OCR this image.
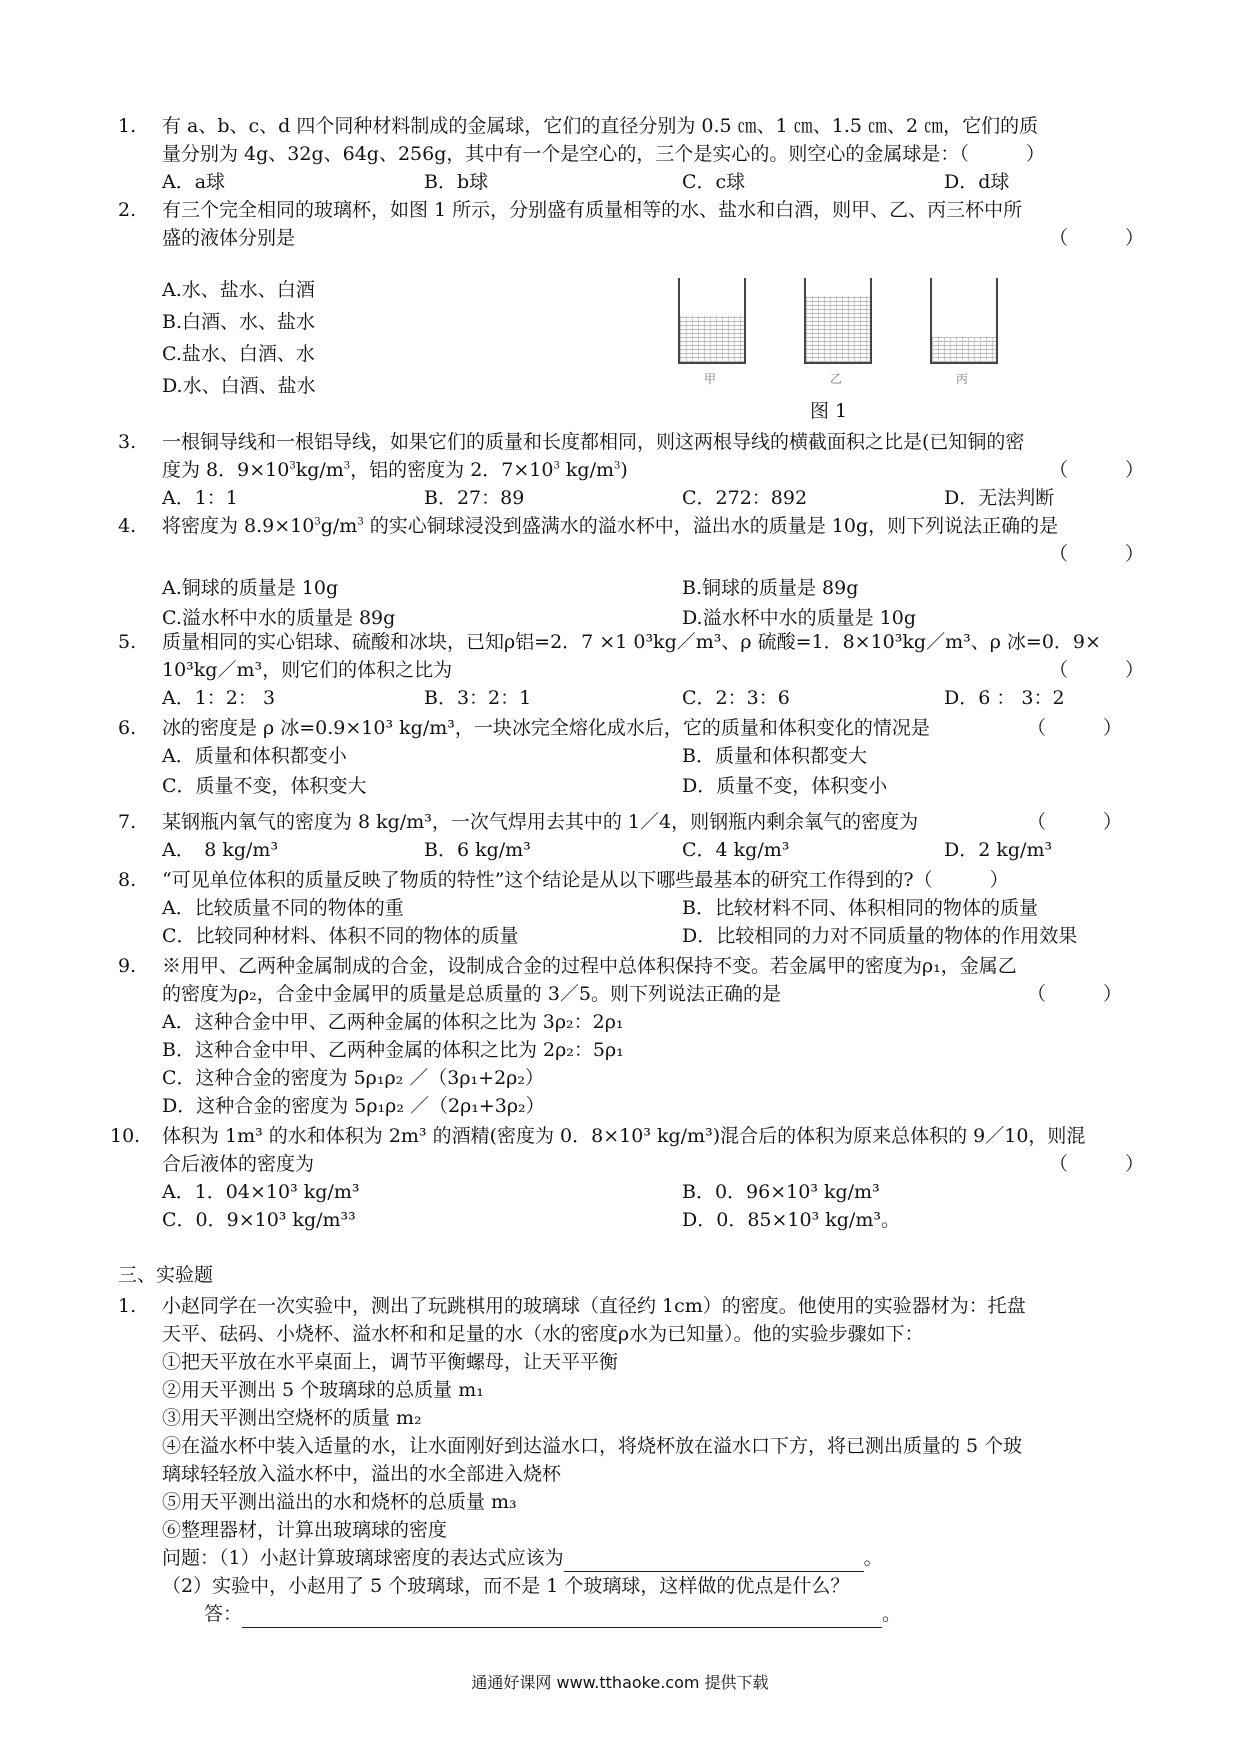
1.	有 a、b、c、d 四个同种材料制成的金属球，它们的直径分别为 0.5 ㎝、1 ㎝、1.5 ㎝、2 ㎝，它们的质
量分别为 4g、32g、64g、256g，其中有一个是空心的，三个是实心的。则空心的金属球是：（　　　）
A．a球	B．b球	C．c球	D．d球
2.	有三个完全相同的玻璃杯，如图 1 所示，分别盛有质量相等的水、盐水和白酒，则甲、乙、丙三杯中所
盛的液体分别是	（　　　）
A.水、盐水、白酒
B.白酒、水、盐水
C.盐水、白酒、水
D.水、白酒、盐水	甲	乙	丙
图 1
3.	一根铜导线和一根铝导线，如果它们的质量和长度都相同，则这两根导线的横截面积之比是(已知铜的密
度为 8．$9\times 10^3kg/m^3$，铝的密度为 2．$7\times 10^3$ $kg/m^3$)	（　　　）
A．1：1	B．27：89	C．272：892	D．无法判断
4.	将密度为 $8.9\times 10^3g/m^3$ 的实心铜球浸没到盛满水的溢水杯中，溢出水的质量是 10g，则下列说法正确的是
（　　　）
A.铜球的质量是 10g	B.铜球的质量是 89g
C.溢水杯中水的质量是 89g	D.溢水杯中水的质量是 10g
5.	质量相同的实心铝球、硫酸和冰块，已知ρ铝=2．7 ×1 0³kg／m³、ρ 硫酸=1．8×10³kg／m³、ρ 冰=0．9×
10³kg／m³，则它们的体积之比为	（　　　）
A．1：2： 3	B．3：2：1	C．2：3：6	D．6 ： 3：2
6.	冰的密度是 ρ 冰=0.9×10³ kg/m³，一块冰完全熔化成水后，它的质量和体积变化的情况是	（　　　）
A．质量和体积都变小	B．质量和体积都变大
C．质量不变，体积变大	D．质量不变，体积变小
7.	某钢瓶内氧气的密度为 8 kg/m³，一次气焊用去其中的 1／4，则钢瓶内剩余氧气的密度为	（　　　）
A．　8 kg/m³	B．6 kg/m³	C．4 kg/m³	D．2 kg/m³
8.	“可见单位体积的质量反映了物质的特性”这个结论是从以下哪些最基本的研究工作得到的?（　　　）
A．比较质量不同的物体的重	B．比较材料不同、体积相同的物体的质量
C．比较同种材料、体积不同的物体的质量	D．比较相同的力对不同质量的物体的作用效果
9.	※用甲、乙两种金属制成的合金，设制成合金的过程中总体积保持不变。若金属甲的密度为ρ₁，金属乙
的密度为ρ₂，合金中金属甲的质量是总质量的 3／5。则下列说法正确的是	（　　　）
A．这种合金中甲、乙两种金属的体积之比为 3ρ₂：2ρ₁
B．这种合金中甲、乙两种金属的体积之比为 2ρ₂：5ρ₁
C．这种合金的密度为 5ρ₁ρ₂ ／（3ρ₁+2ρ₂）
D．这种合金的密度为 5ρ₁ρ₂ ／（2ρ₁+3ρ₂）
10.	体积为 1m³ 的水和体积为 2m³ 的酒精(密度为 0．8×10³ kg/m³)混合后的体积为原来总体积的 9／10，则混
合后液体的密度为	（　　　）
A．1．04×10³ kg/m³	B．0．96×10³ kg/m³
C．0．9×10³ kg/m³³	D．0．85×10³ kg/m³。
三、实验题
1.	小赵同学在一次实验中，测出了玩跳棋用的玻璃球（直径约 1cm）的密度。他使用的实验器材为：托盘
天平、砝码、小烧杯、溢水杯和和足量的水（水的密度ρ水为已知量）。他的实验步骤如下：
①把天平放在水平桌面上，调节平衡螺母，让天平平衡
②用天平测出 5 个玻璃球的总质量 m₁
③用天平测出空烧杯的质量 m₂
④在溢水杯中装入适量的水，让水面刚好到达溢水口，将烧杯放在溢水口下方，将已测出质量的 5 个玻
璃球轻轻放入溢水杯中，溢出的水全部进入烧杯
⑤用天平测出溢出的水和烧杯的总质量 m₃
⑥整理器材，计算出玻璃球的密度
问题：（1）小赵计算玻璃球密度的表达式应该为	。
（2）实验中，小赵用了 5 个玻璃球，而不是 1 个玻璃球，这样做的优点是什么？
答：	。
通通好课网 www.tthaoke.com 提供下载
